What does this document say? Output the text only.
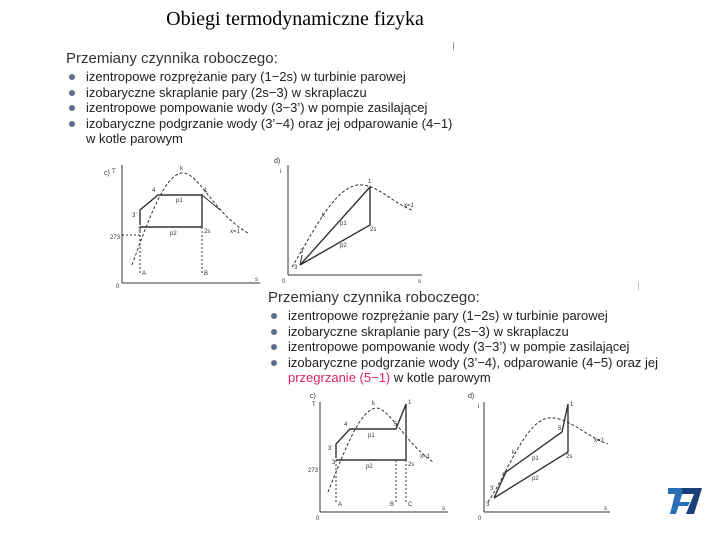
Obiegi termodynamiczne fizyka
Przemiany czynnika roboczego:
izentropowe rozprężanie pary (1−2s) w turbinie parowej
izobaryczne skraplanie pary (2s−3) w skraplaczu
izentropowe pompowanie wody (3−3’) w pompie zasilającej
izobaryczne podgrzanie wody (3’−4) oraz jej odparowanie (4−1)
w kotle parowym
c) T	k
4	1
p1
p2
3’
3	2s	x=1
273
A	B
0
s
d)
i
k
1
p1
p2
2s
3’
3
x=1
0	s
Przemiany czynnika roboczego:
izentropowe rozprężanie pary (1−2s) w turbinie parowej
izobaryczne skraplanie pary (2s−3) w skraplaczu
izentropowe pompowanie wody (3−3’) w pompie zasilającej
izobaryczne podgrzanie wody (3’−4), odparowanie (4−5) oraz jej
przegrzanie (5−1) w kotle parowym
c)
T	k
4	5
1
p1
p2
3’
3	2s
x=1
273
A	B C
0
s
d)
i
k
1
5
4
p1
p2
2s
3’
3
x=1
0
s
